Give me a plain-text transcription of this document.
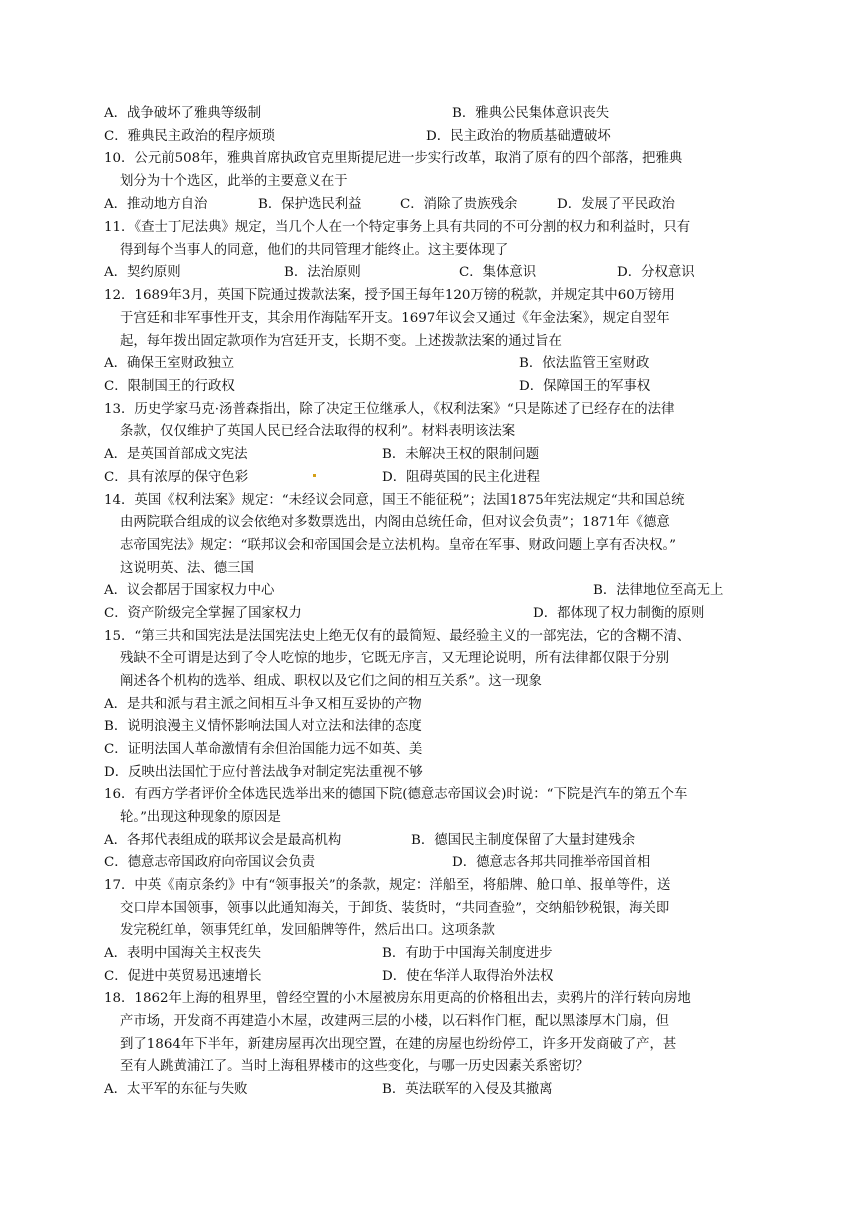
A．战争破坏了雅典等级制	B．雅典公民集体意识丧失
C．雅典民主政治的程序烦琐	D．民主政治的物质基础遭破坏
10．公元前508年，雅典首席执政官克里斯提尼进一步实行改革，取消了原有的四个部落，把雅典
划分为十个选区，此举的主要意义在于
A．推动地方自治	B．保护选民利益	C．消除了贵族残余	D．发展了平民政治
11．《查士丁尼法典》规定，当几个人在一个特定事务上具有共同的不可分割的权力和利益时，只有
得到每个当事人的同意，他们的共同管理才能终止。这主要体现了
A．契约原则	B．法治原则	C．集体意识	D．分权意识
12．1689年3月，英国下院通过拨款法案，授予国王每年120万镑的税款，并规定其中60万镑用
于宫廷和非军事性开支，其余用作海陆军开支。1697年议会又通过《年金法案》，规定自翌年
起，每年拨出固定款项作为宫廷开支，长期不变。上述拨款法案的通过旨在
A．确保王室财政独立	B．依法监管王室财政
C．限制国王的行政权	D．保障国王的军事权
13．历史学家马克·汤普森指出，除了决定王位继承人，《权利法案》“只是陈述了已经存在的法律
条款，仅仅维护了英国人民已经合法取得的权利”。材料表明该法案
A．是英国首部成文宪法	B．未解决王权的限制问题
C．具有浓厚的保守色彩	D．阻碍英国的民主化进程
14．英国《权利法案》规定：“未经议会同意，国王不能征税”；法国1875年宪法规定“共和国总统
由两院联合组成的议会依绝对多数票选出，内阁由总统任命，但对议会负责”；1871年《德意
志帝国宪法》规定：“联邦议会和帝国国会是立法机构。皇帝在军事、财政问题上享有否决权。”
这说明英、法、德三国
A．议会都居于国家权力中心	B．法律地位至高无上
C．资产阶级完全掌握了国家权力	D．都体现了权力制衡的原则
15．“第三共和国宪法是法国宪法史上绝无仅有的最简短、最经验主义的一部宪法，它的含糊不清、
残缺不全可谓是达到了令人吃惊的地步，它既无序言，又无理论说明，所有法律都仅限于分别
阐述各个机构的选举、组成、职权以及它们之间的相互关系”。这一现象
A．是共和派与君主派之间相互斗争又相互妥协的产物
B．说明浪漫主义情怀影响法国人对立法和法律的态度
C．证明法国人革命激情有余但治国能力远不如英、美
D．反映出法国忙于应付普法战争对制定宪法重视不够
16．有西方学者评价全体选民选举出来的德国下院(德意志帝国议会)时说：“下院是汽车的第五个车
轮。”出现这种现象的原因是
A．各邦代表组成的联邦议会是最高机构	B．德国民主制度保留了大量封建残余
C．德意志帝国政府向帝国议会负责	D．德意志各邦共同推举帝国首相
17．中英《南京条约》中有“领事报关”的条款，规定：洋船至，将船牌、舱口单、报单等件，送
交口岸本国领事，领事以此通知海关，于卸货、装货时，“共同查验”，交纳船钞税银，海关即
发完税红单，领事凭红单，发回船牌等件，然后出口。这项条款
A．表明中国海关主权丧失	B．有助于中国海关制度进步
C．促进中英贸易迅速增长	D．使在华洋人取得治外法权
18．1862年上海的租界里，曾经空置的小木屋被房东用更高的价格租出去，卖鸦片的洋行转向房地
产市场，开发商不再建造小木屋，改建两三层的小楼，以石料作门框，配以黑漆厚木门扇，但
到了1864年下半年，新建房屋再次出现空置，在建的房屋也纷纷停工，许多开发商破了产，甚
至有人跳黄浦江了。当时上海租界楼市的这些变化，与哪一历史因素关系密切？
A．太平军的东征与失败	B．英法联军的入侵及其撤离
